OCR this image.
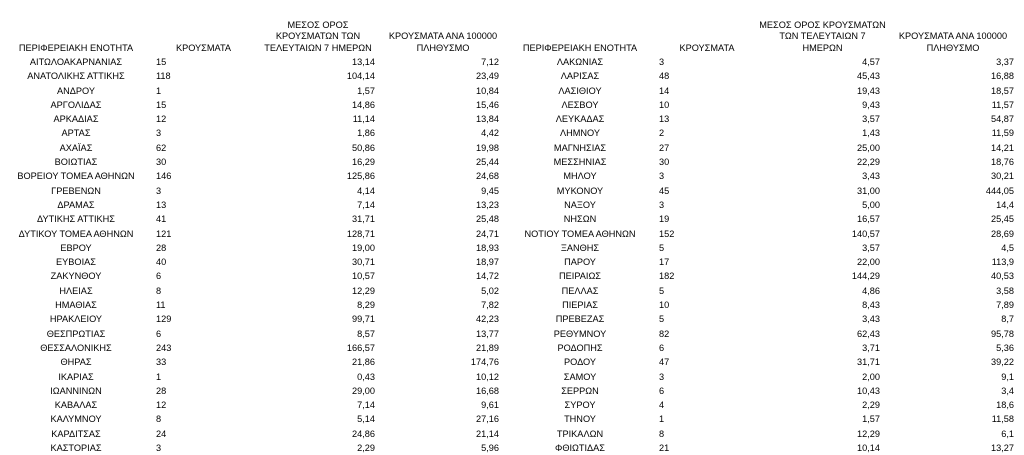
ΠΕΡΙΦΕΡΕΙΑΚΗ ΕΝΟΤΗΤΑ	ΚΡΟΥΣΜΑΤΑ	ΜΕΣΟΣ ΟΡΟΣ ΚΡΟΥΣΜΑΤΩΝ ΤΩΝ ΤΕΛΕΥΤΑΙΩΝ 7 ΗΜΕΡΩΝ	ΚΡΟΥΣΜΑΤΑ ΑΝΑ 100000 ΠΛΗΘΥΣΜΟ	ΠΕΡΙΦΕΡΕΙΑΚΗ ΕΝΟΤΗΤΑ	ΚΡΟΥΣΜΑΤΑ	ΜΕΣΟΣ ΟΡΟΣ ΚΡΟΥΣΜΑΤΩΝ ΤΩΝ ΤΕΛΕΥΤΑΙΩΝ 7 ΗΜΕΡΩΝ	ΚΡΟΥΣΜΑΤΑ ΑΝΑ 100000 ΠΛΗΘΥΣΜΟ
ΑΙΤΩΛΟΑΚΑΡΝΑΝΙΑΣ	15	13,14	7,12	ΛΑΚΩΝΙΑΣ	3	4,57	3,37
ΑΝΑΤΟΛΙΚΗΣ ΑΤΤΙΚΗΣ	118	104,14	23,49	ΛΑΡΙΣΑΣ	48	45,43	16,88
ΑΝΔΡΟΥ	1	1,57	10,84	ΛΑΣΙΘΙΟΥ	14	19,43	18,57
ΑΡΓΟΛΙΔΑΣ	15	14,86	15,46	ΛΕΣΒΟΥ	10	9,43	11,57
ΑΡΚΑΔΙΑΣ	12	11,14	13,84	ΛΕΥΚΑΔΑΣ	13	3,57	54,87
ΑΡΤΑΣ	3	1,86	4,42	ΛΗΜΝΟΥ	2	1,43	11,59
ΑΧΑΪΑΣ	62	50,86	19,98	ΜΑΓΝΗΣΙΑΣ	27	25,00	14,21
ΒΟΙΩΤΙΑΣ	30	16,29	25,44	ΜΕΣΣΗΝΙΑΣ	30	22,29	18,76
ΒΟΡΕΙΟΥ ΤΟΜΕΑ ΑΘΗΝΩΝ	146	125,86	24,68	ΜΗΛΟΥ	3	3,43	30,21
ΓΡΕΒΕΝΩΝ	3	4,14	9,45	ΜΥΚΟΝΟΥ	45	31,00	444,05
ΔΡΑΜΑΣ	13	7,14	13,23	ΝΑΞΟΥ	3	5,00	14,4
ΔΥΤΙΚΗΣ ΑΤΤΙΚΗΣ	41	31,71	25,48	ΝΗΣΩΝ	19	16,57	25,45
ΔΥΤΙΚΟΥ ΤΟΜΕΑ ΑΘΗΝΩΝ	121	128,71	24,71	ΝΟΤΙΟΥ ΤΟΜΕΑ ΑΘΗΝΩΝ	152	140,57	28,69
ΕΒΡΟΥ	28	19,00	18,93	ΞΑΝΘΗΣ	5	3,57	4,5
ΕΥΒΟΙΑΣ	40	30,71	18,97	ΠΑΡΟΥ	17	22,00	113,9
ΖΑΚΥΝΘΟΥ	6	10,57	14,72	ΠΕΙΡΑΙΩΣ	182	144,29	40,53
ΗΛΕΙΑΣ	8	12,29	5,02	ΠΕΛΛΑΣ	5	4,86	3,58
ΗΜΑΘΙΑΣ	11	8,29	7,82	ΠΙΕΡΙΑΣ	10	8,43	7,89
ΗΡΑΚΛΕΙΟΥ	129	99,71	42,23	ΠΡΕΒΕΖΑΣ	5	3,43	8,7
ΘΕΣΠΡΩΤΙΑΣ	6	8,57	13,77	ΡΕΘΥΜΝΟΥ	82	62,43	95,78
ΘΕΣΣΑΛΟΝΙΚΗΣ	243	166,57	21,89	ΡΟΔΟΠΗΣ	6	3,71	5,36
ΘΗΡΑΣ	33	21,86	174,76	ΡΟΔΟΥ	47	31,71	39,22
ΙΚΑΡΙΑΣ	1	0,43	10,12	ΣΑΜΟΥ	3	2,00	9,1
ΙΩΑΝΝΙΝΩΝ	28	29,00	16,68	ΣΕΡΡΩΝ	6	10,43	3,4
ΚΑΒΑΛΑΣ	12	7,14	9,61	ΣΥΡΟΥ	4	2,29	18,6
ΚΑΛΥΜΝΟΥ	8	5,14	27,16	ΤΗΝΟΥ	1	1,57	11,58
ΚΑΡΔΙΤΣΑΣ	24	24,86	21,14	ΤΡΙΚΑΛΩΝ	8	12,29	6,1
ΚΑΣΤΟΡΙΑΣ	3	2,29	5,96	ΦΘΙΩΤΙΔΑΣ	21	10,14	13,27
